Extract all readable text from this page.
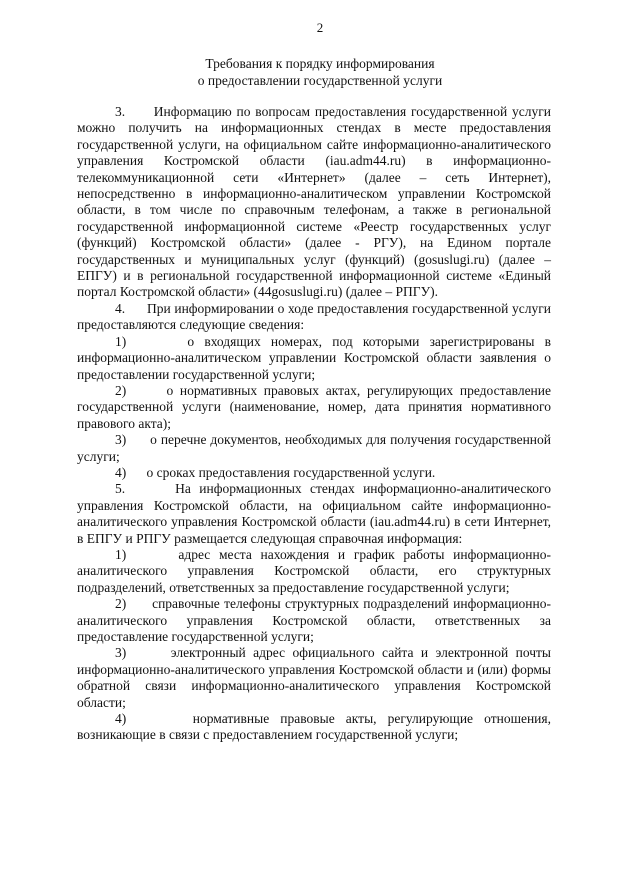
2
Требования к порядку информирования
о предоставлении государственной услуги

3.      Информацию по вопросам предоставления государственной услуги можно получить на информационных стендах в месте предоставления государственной услуги, на официальном сайте информационно-аналитического управления Костромской области (iau.adm44.ru) в информационно-телекоммуникационной сети «Интернет» (далее – сеть Интернет), непосредственно в информационно-аналитическом управлении Костромской области, в том числе по справочным телефонам, а также в региональной государственной информационной системе «Реестр государственных услуг (функций) Костромской области» (далее - РГУ), на Едином портале государственных и муниципальных услуг (функций) (gosuslugi.ru) (далее – ЕПГУ) и в региональной государственной информационной системе «Единый портал Костромской области» (44gosuslugi.ru) (далее – РПГУ).

4.      При информировании о ходе предоставления государственной услуги предоставляются следующие сведения:

1)      о входящих номерах, под которыми зарегистрированы в информационно-аналитическом управлении Костромской области заявления о предоставлении государственной услуги;

2)      о нормативных правовых актах, регулирующих предоставление государственной услуги (наименование, номер, дата принятия нормативного правового акта);

3)      о перечне документов, необходимых для получения государственной услуги;

4)      о сроках предоставления государственной услуги.

5.      На информационных стендах информационно-аналитического управления Костромской области, на официальном сайте информационно-аналитического управления Костромской области (iau.adm44.ru) в сети Интернет, в ЕПГУ и РПГУ размещается следующая справочная информация:

1)      адрес места нахождения и график работы информационно-аналитического управления Костромской области, его структурных подразделений, ответственных за предоставление государственной услуги;

2)      справочные телефоны структурных подразделений информационно-аналитического управления Костромской области, ответственных за предоставление государственной услуги;

3)      электронный адрес официального сайта и электронной почты информационно-аналитического управления Костромской области и (или) формы обратной связи информационно-аналитического управления Костромской области;

4)      нормативные правовые акты, регулирующие отношения, возникающие в связи с предоставлением государственной услуги;
